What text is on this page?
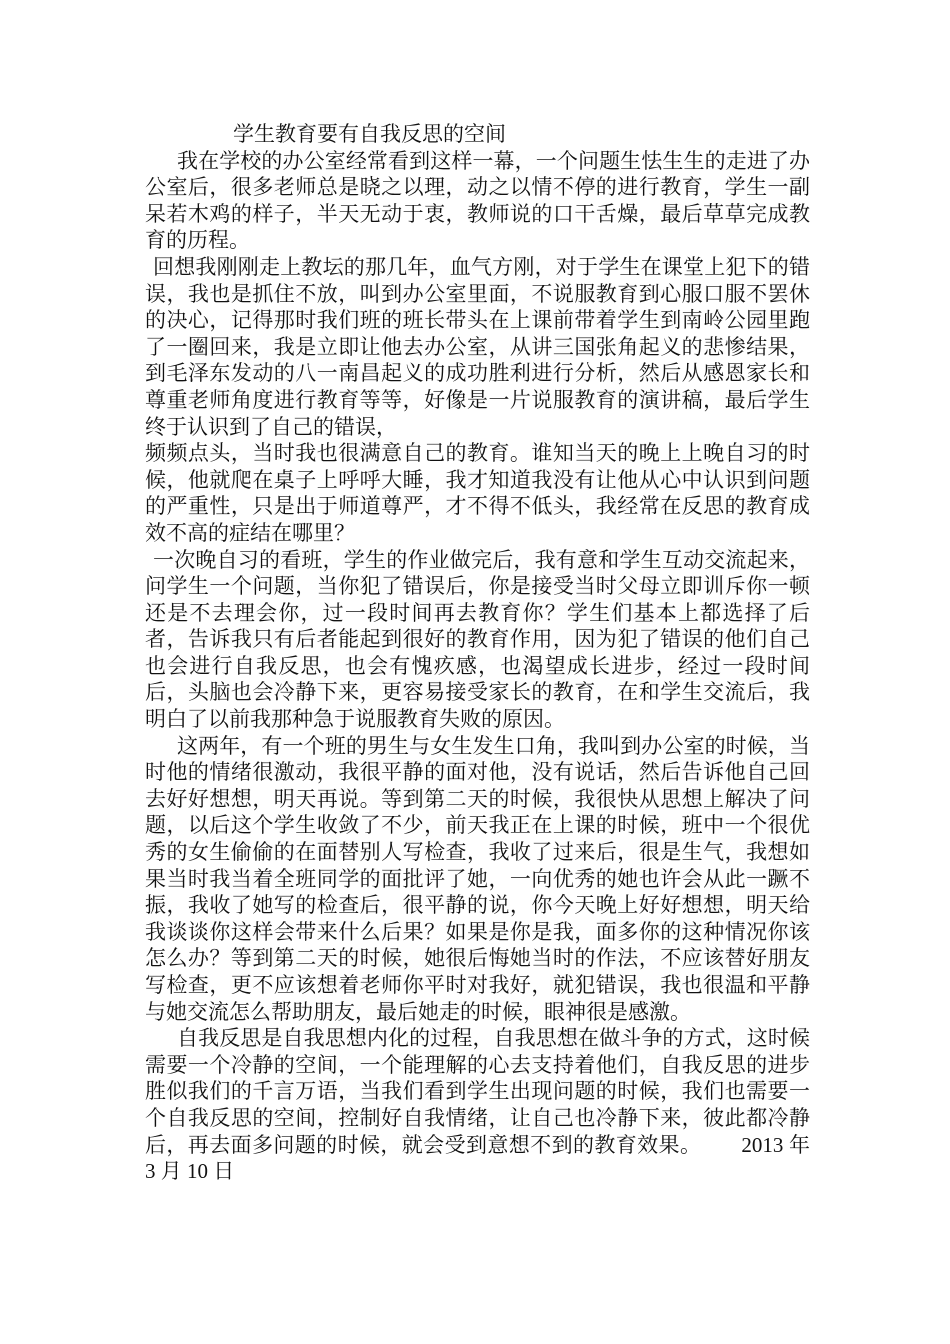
学生教育要有自我反思的空间

我在学校的办公室经常看到这样一幕，一个问题生怯生生的走进了办公室后，很多老师总是晓之以理，动之以情不停的进行教育，学生一副呆若木鸡的样子，半天无动于衷，教师说的口干舌燥，最后草草完成教育的历程。

回想我刚刚走上教坛的那几年，血气方刚，对于学生在课堂上犯下的错误，我也是抓住不放，叫到办公室里面，不说服教育到心服口服不罢休的决心，记得那时我们班的班长带头在上课前带着学生到南岭公园里跑了一圈回来，我是立即让他去办公室，从讲三国张角起义的悲惨结果，到毛泽东发动的八一南昌起义的成功胜利进行分析，然后从感恩家长和尊重老师角度进行教育等等，好像是一片说服教育的演讲稿，最后学生终于认识到了自己的错误，

频频点头，当时我也很满意自己的教育。谁知当天的晚上上晚自习的时候，他就爬在桌子上呼呼大睡，我才知道我没有让他从心中认识到问题的严重性，只是出于师道尊严，才不得不低头，我经常在反思的教育成效不高的症结在哪里？

一次晚自习的看班，学生的作业做完后，我有意和学生互动交流起来，问学生一个问题，当你犯了错误后，你是接受当时父母立即训斥你一顿还是不去理会你，过一段时间再去教育你？学生们基本上都选择了后者，告诉我只有后者能起到很好的教育作用，因为犯了错误的他们自己也会进行自我反思，也会有愧疚感，也渴望成长进步，经过一段时间后，头脑也会冷静下来，更容易接受家长的教育，在和学生交流后，我明白了以前我那种急于说服教育失败的原因。

这两年，有一个班的男生与女生发生口角，我叫到办公室的时候，当时他的情绪很激动，我很平静的面对他，没有说话，然后告诉他自己回去好好想想，明天再说。等到第二天的时候，我很快从思想上解决了问题，以后这个学生收敛了不少，前天我正在上课的时候，班中一个很优秀的女生偷偷的在面替别人写检查，我收了过来后，很是生气，我想如果当时我当着全班同学的面批评了她，一向优秀的她也许会从此一蹶不振，我收了她写的检查后，很平静的说，你今天晚上好好想想，明天给我谈谈你这样会带来什么后果？如果是你是我，面多你的这种情况你该怎么办？等到第二天的时候，她很后悔她当时的作法，不应该替好朋友写检查，更不应该想着老师你平时对我好，就犯错误，我也很温和平静与她交流怎么帮助朋友，最后她走的时候，眼神很是感激。

自我反思是自我思想内化的过程，自我思想在做斗争的方式，这时候需要一个冷静的空间，一个能理解的心去支持着他们，自我反思的进步胜似我们的千言万语，当我们看到学生出现问题的时候，我们也需要一个自我反思的空间，控制好自我情绪，让自己也冷静下来，彼此都冷静后，再去面多问题的时候，就会受到意想不到的教育效果。 2013 年 3 月 10 日
